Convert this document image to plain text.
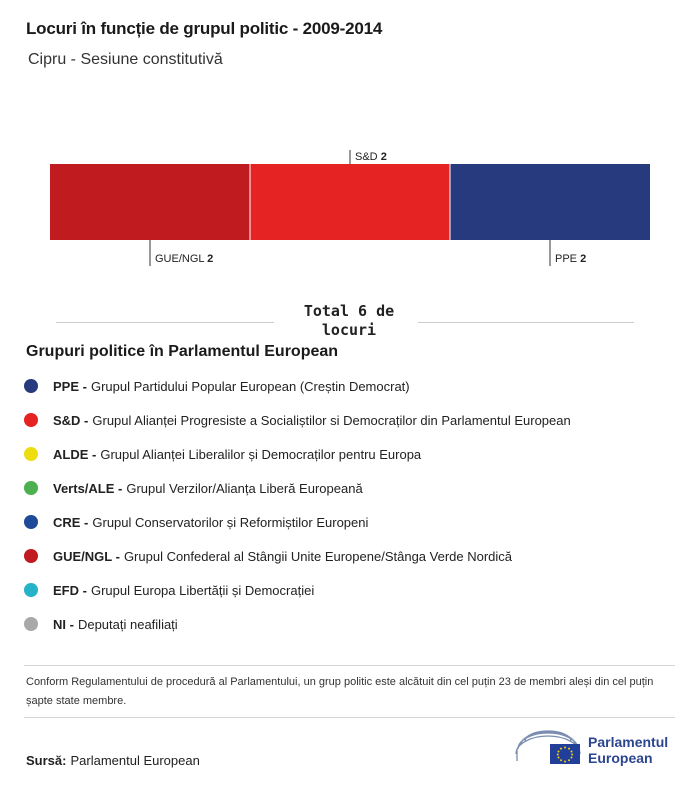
Locuri în funcție de grupul politic - 2009-2014
Cipru - Sesiune constitutivă
GUE/NGL 2
S&D 2
PPE 2
Total 6 de locuri
Grupuri politice în Parlamentul European
PPE - Grupul Partidului Popular European (Creștin Democrat)
S&D - Grupul Alianței Progresiste a Socialiștilor si Democraților din Parlamentul European
ALDE - Grupul Alianței Liberalilor și Democraților pentru Europa
Verts/ALE - Grupul Verzilor/Alianța Liberă Europeană
CRE - Grupul Conservatorilor și Reformiștilor Europeni
GUE/NGL - Grupul Confederal al Stângii Unite Europene/Stânga Verde Nordică
EFD - Grupul Europa Libertății și Democrației
NI - Deputați neafiliați
Conform Regulamentului de procedură al Parlamentului, un grup politic este alcătuit din cel puțin 23 de membri aleși din cel puțin șapte state membre.
Sursă: Parlamentul European
Parlamentul
European
